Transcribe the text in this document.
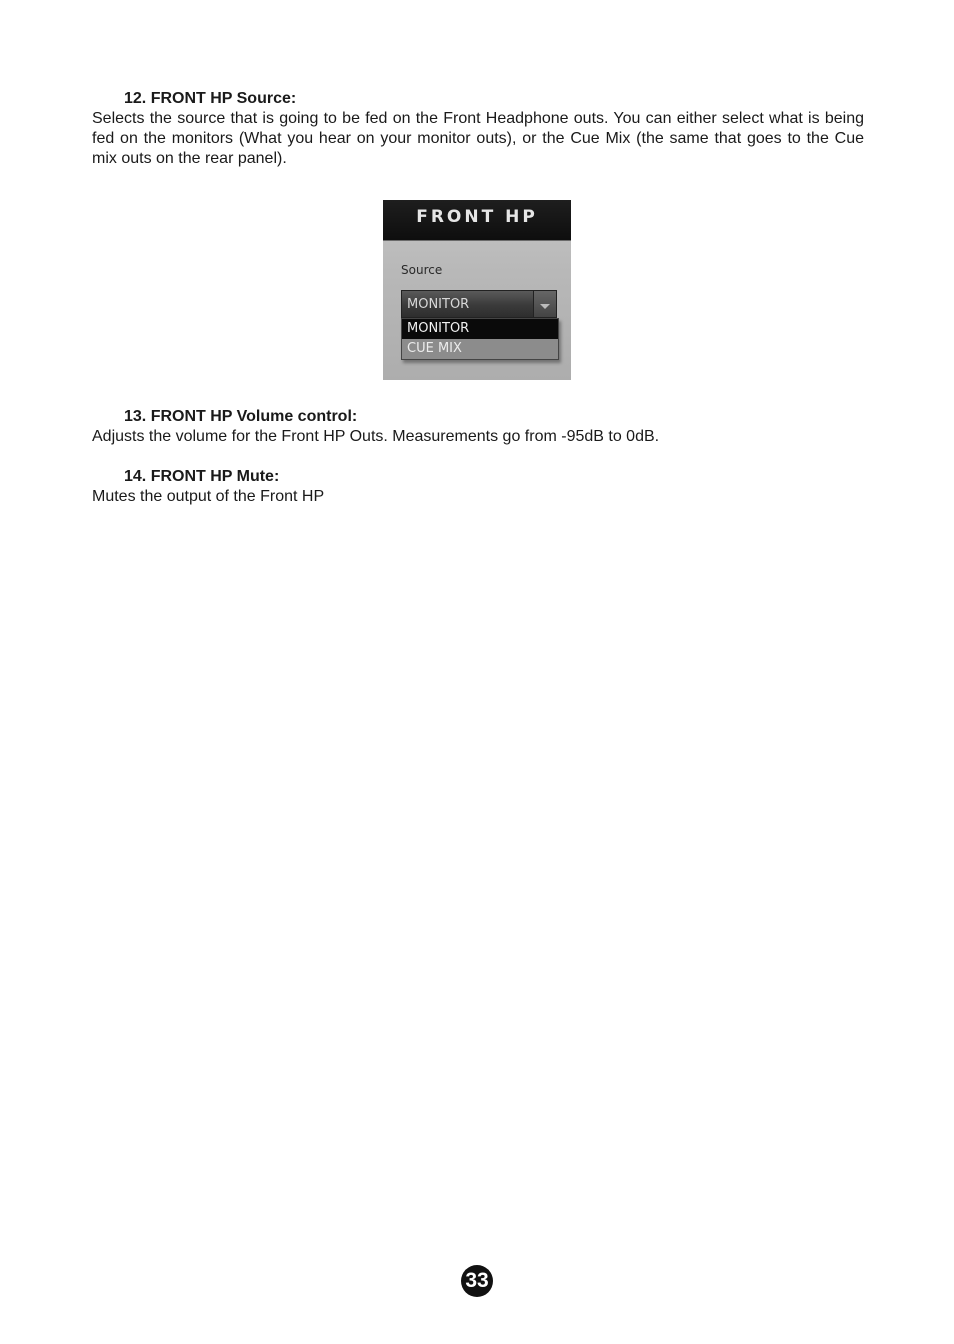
12. FRONT HP Source:
Selects the source that is going to be fed on the Front Headphone outs. You can either select what is being fed on the monitors (What you hear on your monitor outs), or the Cue Mix (the same that goes to the Cue mix outs on the rear panel).
FRONT HP
Source
MONITOR
MONITOR
CUE MIX
13. FRONT HP Volume control:
Adjusts the volume for the Front HP Outs. Measurements go from -95dB to 0dB.
14. FRONT HP Mute:
Mutes the output of the Front HP
33
